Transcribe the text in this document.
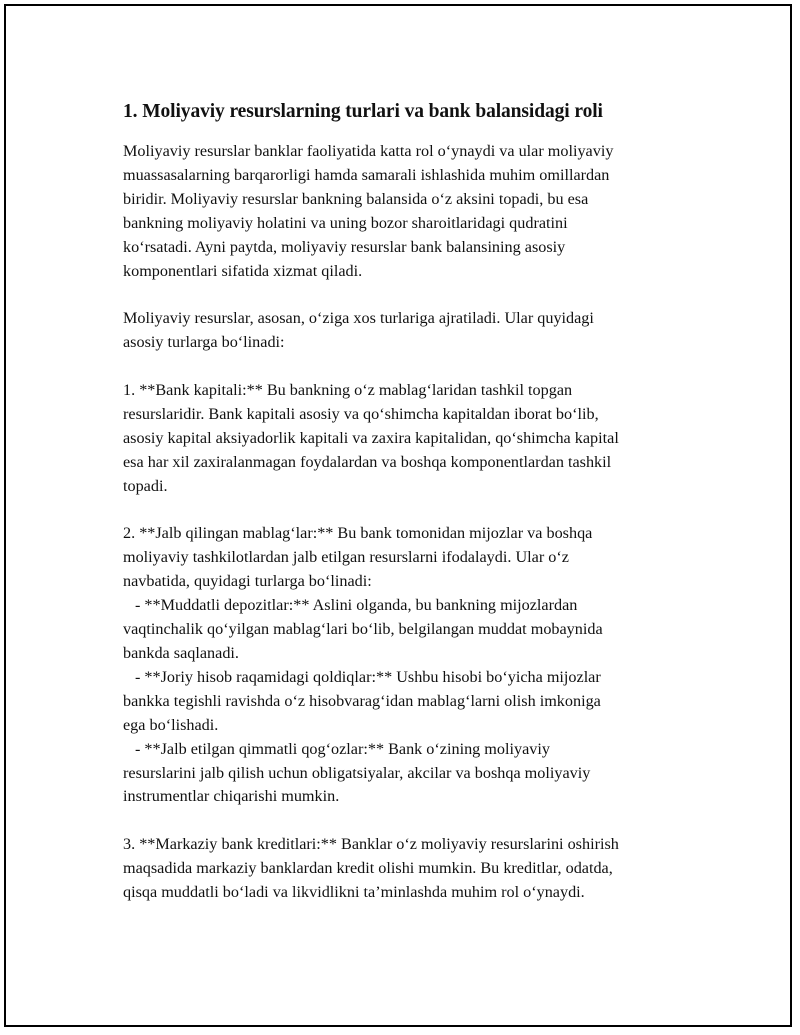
1. Moliyaviy resurslarning turlari va bank balansidagi roli

Moliyaviy resurslar banklar faoliyatida katta rol o‘ynaydi va ular moliyaviy

muassasalarning barqarorligi hamda samarali ishlashida muhim omillardan

biridir. Moliyaviy resurslar bankning balansida o‘z aksini topadi, bu esa

bankning moliyaviy holatini va uning bozor sharoitlaridagi qudratini

ko‘rsatadi. Ayni paytda, moliyaviy resurslar bank balansining asosiy

komponentlari sifatida xizmat qiladi.

Moliyaviy resurslar, asosan, o‘ziga xos turlariga ajratiladi. Ular quyidagi

asosiy turlarga bo‘linadi:

1. **Bank kapitali:** Bu bankning o‘z mablag‘laridan tashkil topgan

resurslaridir. Bank kapitali asosiy va qo‘shimcha kapitaldan iborat bo‘lib,

asosiy kapital aksiyadorlik kapitali va zaxira kapitalidan, qo‘shimcha kapital

esa har xil zaxiralanmagan foydalardan va boshqa komponentlardan tashkil

topadi.

2. **Jalb qilingan mablag‘lar:** Bu bank tomonidan mijozlar va boshqa

moliyaviy tashkilotlardan jalb etilgan resurslarni ifodalaydi. Ular o‘z

navbatida, quyidagi turlarga bo‘linadi:

- **Muddatli depozitlar:** Aslini olganda, bu bankning mijozlardan

vaqtinchalik qo‘yilgan mablag‘lari bo‘lib, belgilangan muddat mobaynida

bankda saqlanadi.

- **Joriy hisob raqamidagi qoldiqlar:** Ushbu hisobi bo‘yicha mijozlar

bankka tegishli ravishda o‘z hisobvarag‘idan mablag‘larni olish imkoniga

ega bo‘lishadi.

- **Jalb etilgan qimmatli qog‘ozlar:** Bank o‘zining moliyaviy

resurslarini jalb qilish uchun obligatsiyalar, akcilar va boshqa moliyaviy

instrumentlar chiqarishi mumkin.

3. **Markaziy bank kreditlari:** Banklar o‘z moliyaviy resurslarini oshirish

maqsadida markaziy banklardan kredit olishi mumkin. Bu kreditlar, odatda,

qisqa muddatli bo‘ladi va likvidlikni ta’minlashda muhim rol o‘ynaydi.
